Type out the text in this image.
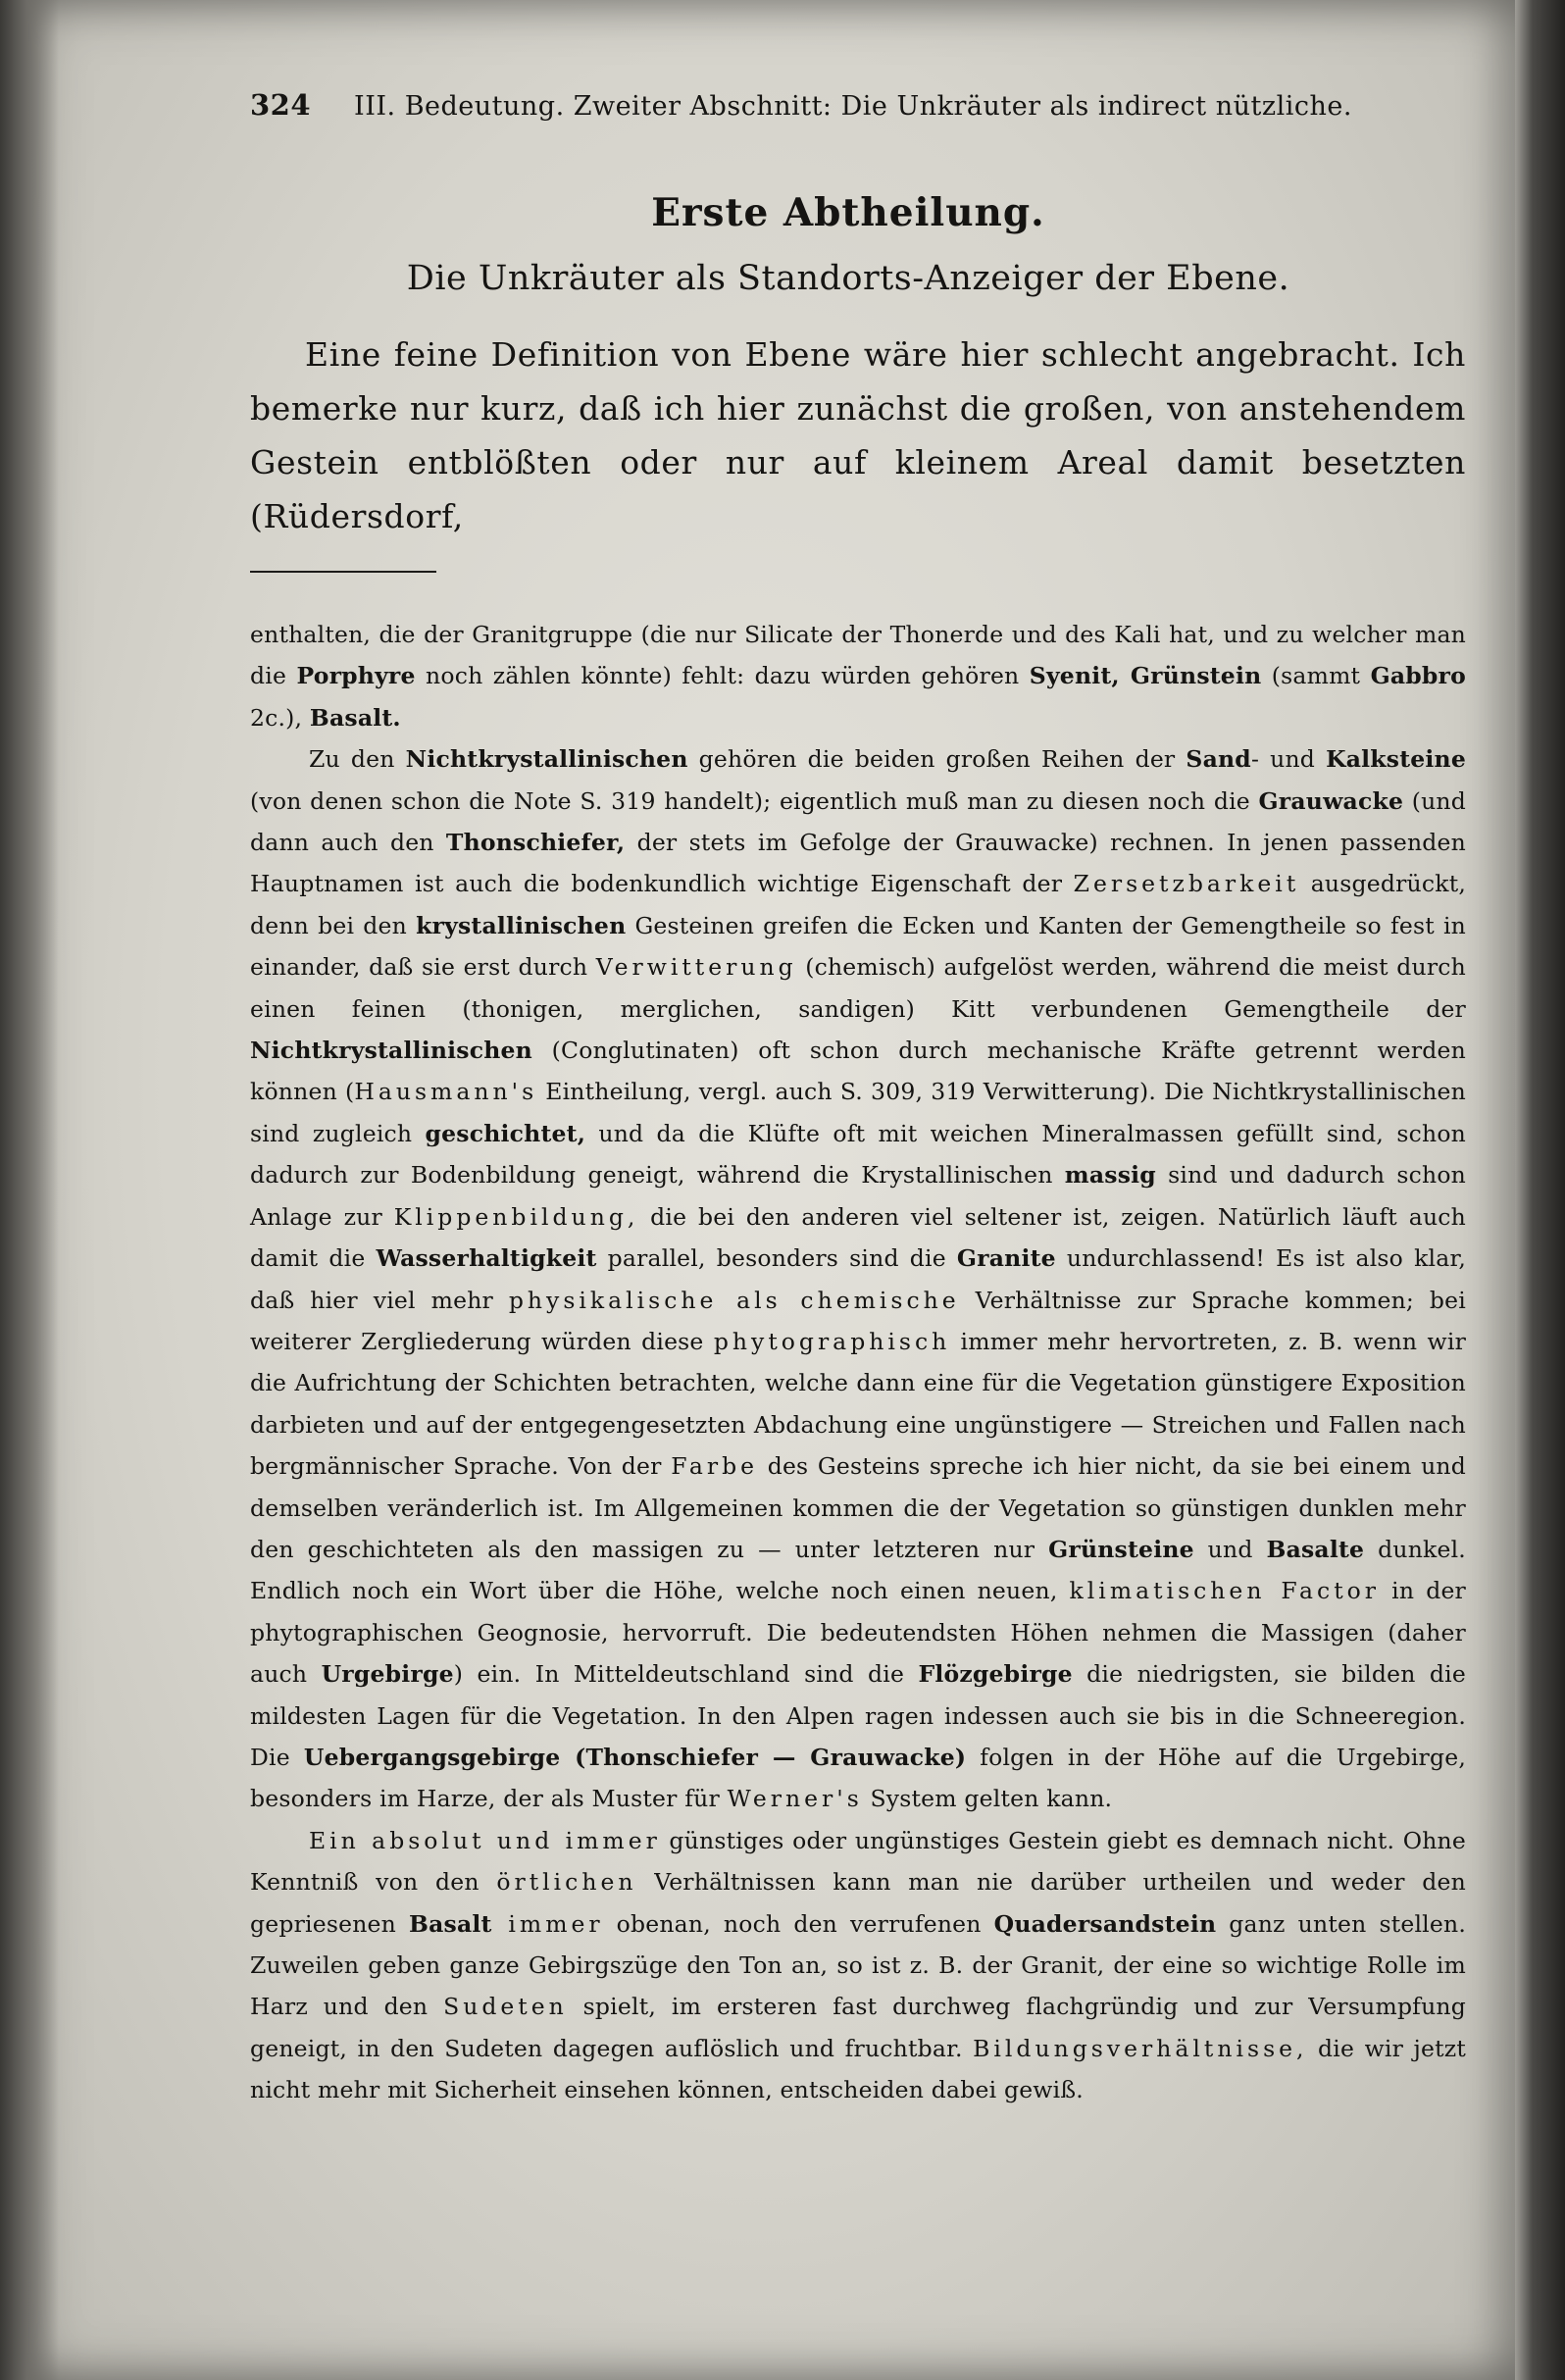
324 III. Bedeutung. Zweiter Abschnitt: Die Unkräuter als indirect nützliche.
Erste Abtheilung.
Die Unkräuter als Standorts-Anzeiger der Ebene.

Eine feine Definition von Ebene wäre hier schlecht angebracht. Ich bemerke nur kurz, daß ich hier zunächst die großen, von anstehendem Gestein entblößten oder nur auf kleinem Areal damit besetzten (Rüdersdorf,

enthalten, die der Granitgruppe (die nur Silicate der Thonerde und des Kali hat, und zu welcher man die Porphyre noch zählen könnte) fehlt: dazu würden gehören Syenit, Grünstein (sammt Gabbro 2c.), Basalt.

Zu den Nichtkrystallinischen gehören die beiden großen Reihen der Sand- und Kalksteine (von denen schon die Note S. 319 handelt); eigentlich muß man zu diesen noch die Grauwacke (und dann auch den Thonschiefer, der stets im Gefolge der Grauwacke) rechnen. In jenen passenden Hauptnamen ist auch die bodenkundlich wichtige Eigenschaft der Zersetzbarkeit ausgedrückt, denn bei den krystallinischen Gesteinen greifen die Ecken und Kanten der Gemengtheile so fest in einander, daß sie erst durch Verwitterung (chemisch) aufgelöst werden, während die meist durch einen feinen (thonigen, merglichen, sandigen) Kitt verbundenen Gemengtheile der Nichtkrystallinischen (Conglutinaten) oft schon durch mechanische Kräfte getrennt werden können (Hausmann's Eintheilung, vergl. auch S. 309, 319 Verwitterung). Die Nichtkrystallinischen sind zugleich geschichtet, und da die Klüfte oft mit weichen Mineralmassen gefüllt sind, schon dadurch zur Bodenbildung geneigt, während die Krystallinischen massig sind und dadurch schon Anlage zur Klippenbildung, die bei den anderen viel seltener ist, zeigen. Natürlich läuft auch damit die Wasserhaltigkeit parallel, besonders sind die Granite undurchlassend! Es ist also klar, daß hier viel mehr physikalische als chemische Verhältnisse zur Sprache kommen; bei weiterer Zergliederung würden diese phytographisch immer mehr hervortreten, z. B. wenn wir die Aufrichtung der Schichten betrachten, welche dann eine für die Vegetation günstigere Exposition darbieten und auf der entgegengesetzten Abdachung eine ungünstigere — Streichen und Fallen nach bergmännischer Sprache. Von der Farbe des Gesteins spreche ich hier nicht, da sie bei einem und demselben veränderlich ist. Im Allgemeinen kommen die der Vegetation so günstigen dunklen mehr den geschichteten als den massigen zu — unter letzteren nur Grünsteine und Basalte dunkel. Endlich noch ein Wort über die Höhe, welche noch einen neuen, klimatischen Factor in der phytographischen Geognosie, hervorruft. Die bedeutendsten Höhen nehmen die Massigen (daher auch Urgebirge) ein. In Mitteldeutschland sind die Flözgebirge die niedrigsten, sie bilden die mildesten Lagen für die Vegetation. In den Alpen ragen indessen auch sie bis in die Schneeregion. Die Uebergangsgebirge (Thonschiefer — Grauwacke) folgen in der Höhe auf die Urgebirge, besonders im Harze, der als Muster für Werner's System gelten kann.

Ein absolut und immer günstiges oder ungünstiges Gestein giebt es demnach nicht. Ohne Kenntniß von den örtlichen Verhältnissen kann man nie darüber urtheilen und weder den gepriesenen Basalt immer obenan, noch den verrufenen Quadersandstein ganz unten stellen. Zuweilen geben ganze Gebirgszüge den Ton an, so ist z. B. der Granit, der eine so wichtige Rolle im Harz und den Sudeten spielt, im ersteren fast durchweg flachgründig und zur Versumpfung geneigt, in den Sudeten dagegen auflöslich und fruchtbar. Bildungsverhältnisse, die wir jetzt nicht mehr mit Sicherheit einsehen können, entscheiden dabei gewiß.
